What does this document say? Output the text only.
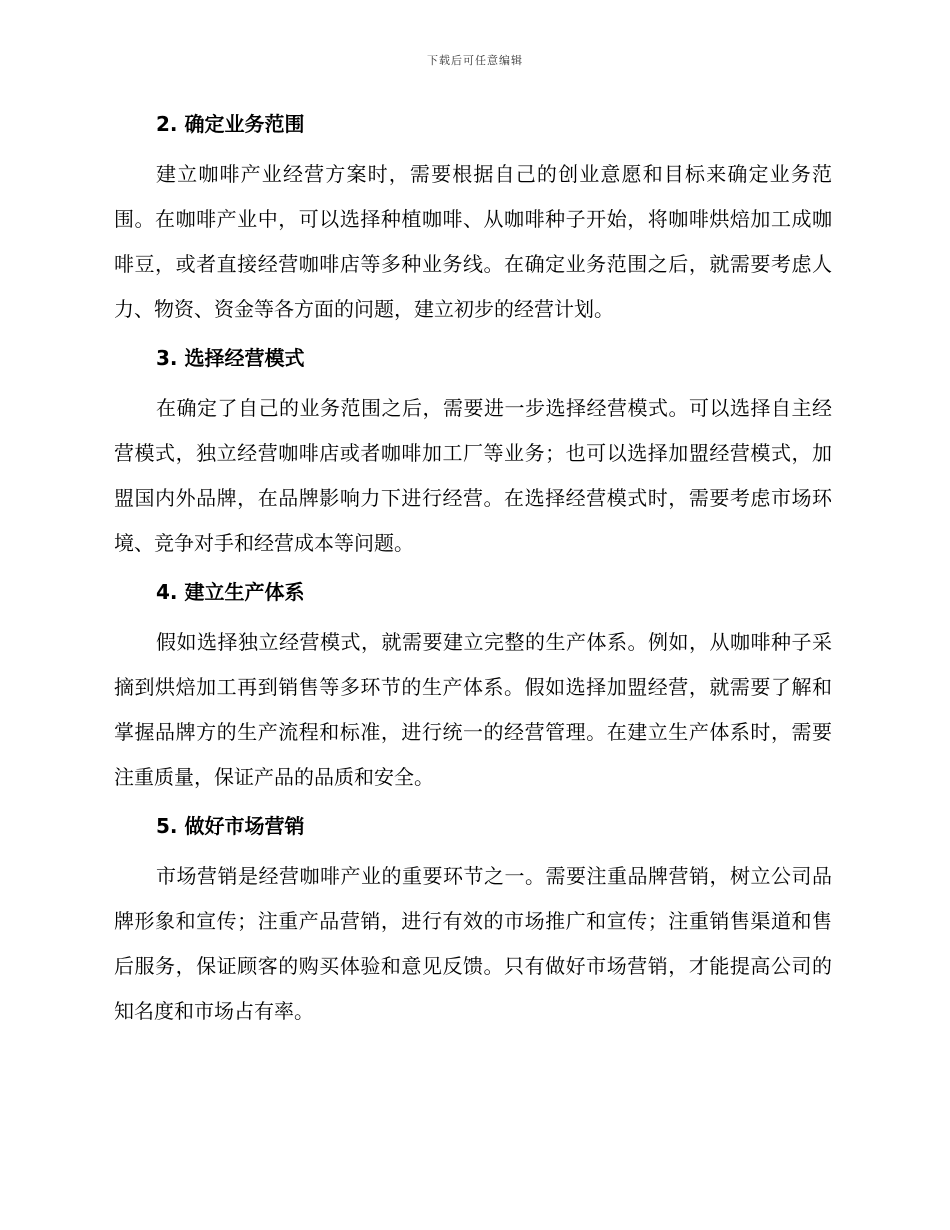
下载后可任意编辑
2. 确定业务范围

建立咖啡产业经营方案时，需要根据自己的创业意愿和目标来确定业务范围。在咖啡产业中，可以选择种植咖啡、从咖啡种子开始，将咖啡烘焙加工成咖啡豆，或者直接经营咖啡店等多种业务线。在确定业务范围之后，就需要考虑人力、物资、资金等各方面的问题，建立初步的经营计划。

3. 选择经营模式

在确定了自己的业务范围之后，需要进一步选择经营模式。可以选择自主经营模式，独立经营咖啡店或者咖啡加工厂等业务；也可以选择加盟经营模式，加盟国内外品牌，在品牌影响力下进行经营。在选择经营模式时，需要考虑市场环境、竞争对手和经营成本等问题。

4. 建立生产体系

假如选择独立经营模式，就需要建立完整的生产体系。例如，从咖啡种子采摘到烘焙加工再到销售等多环节的生产体系。假如选择加盟经营，就需要了解和掌握品牌方的生产流程和标准，进行统一的经营管理。在建立生产体系时，需要注重质量，保证产品的品质和安全。

5. 做好市场营销

市场营销是经营咖啡产业的重要环节之一。需要注重品牌营销，树立公司品牌形象和宣传；注重产品营销，进行有效的市场推广和宣传；注重销售渠道和售后服务，保证顾客的购买体验和意见反馈。只有做好市场营销，才能提高公司的知名度和市场占有率。
